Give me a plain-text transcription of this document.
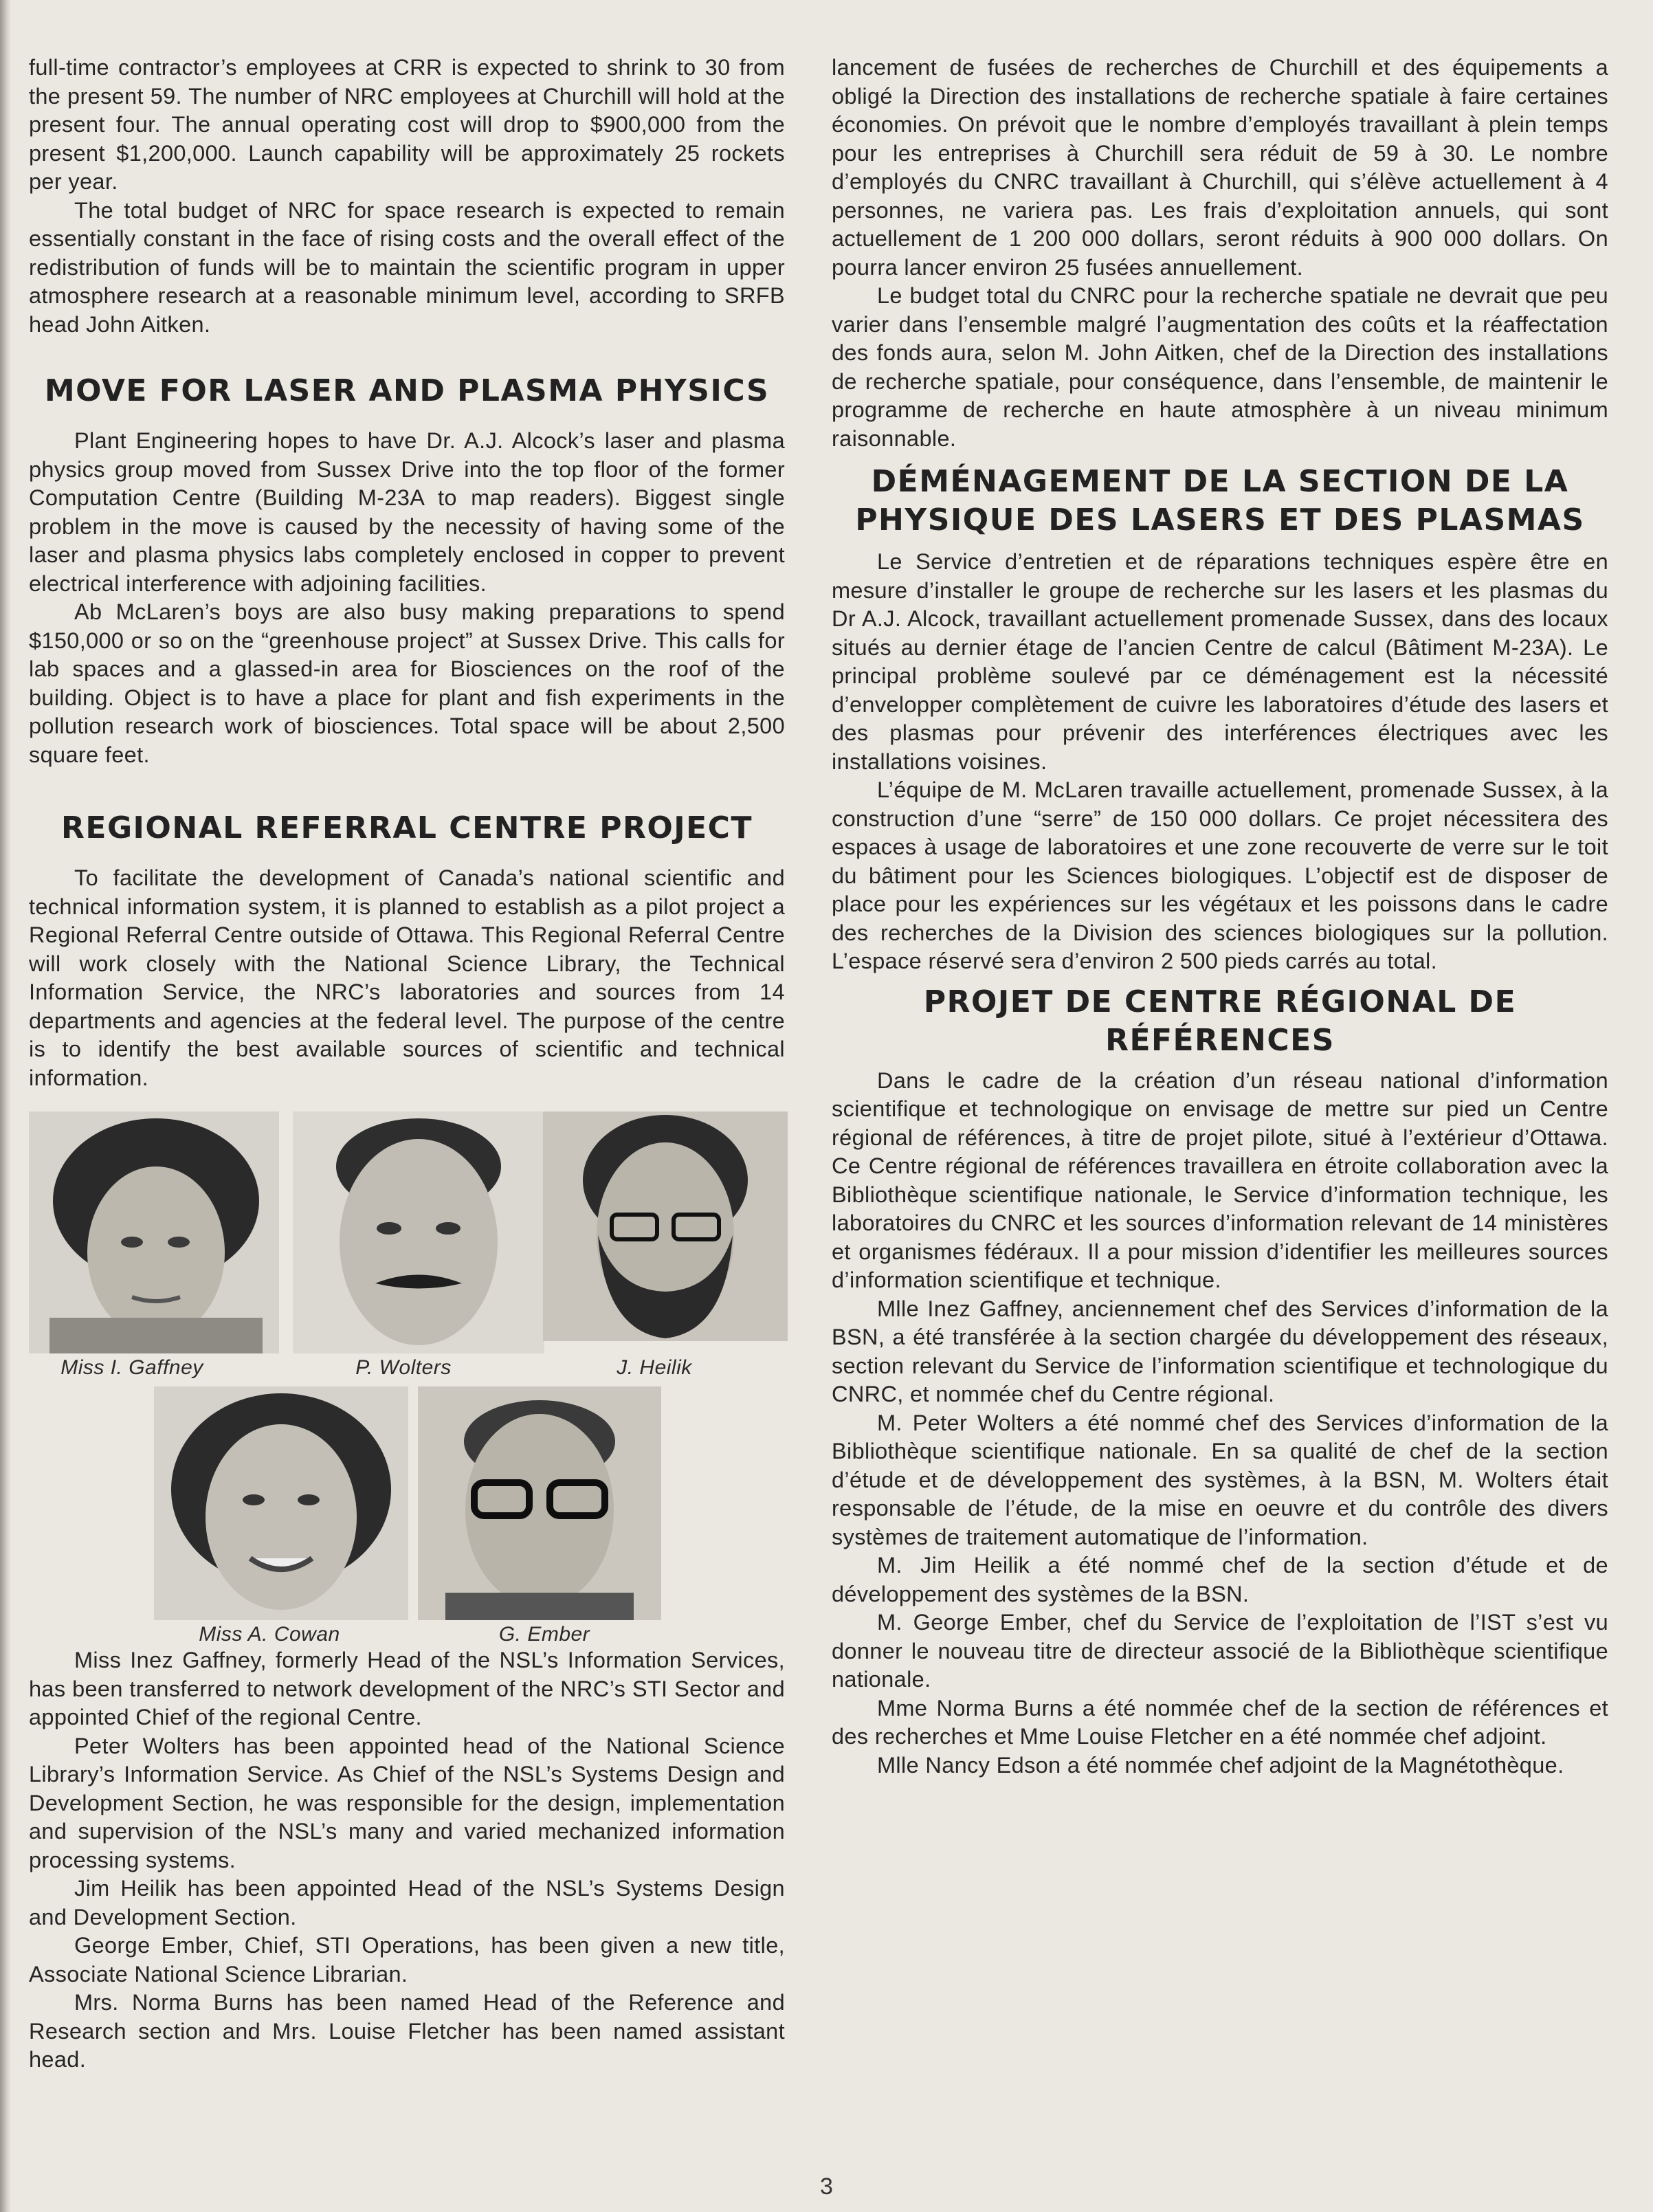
full-time contractor’s employees at CRR is expected to shrink to 30 from the present 59. The number of NRC employees at Churchill will hold at the present four. The annual operating cost will drop to $900,000 from the present $1,200,000. Launch capability will be approximately 25 rockets per year.

The total budget of NRC for space research is expected to remain essentially constant in the face of rising costs and the overall effect of the redistribution of funds will be to maintain the scientific program in upper atmosphere research at a reasonable minimum level, according to SRFB head John Aitken.

MOVE FOR LASER AND PLASMA PHYSICS

Plant Engineering hopes to have Dr. A.J. Alcock’s laser and plasma physics group moved from Sussex Drive into the top floor of the former Computation Centre (Building M-23A to map readers). Biggest single problem in the move is caused by the necessity of having some of the laser and plasma physics labs completely enclosed in copper to prevent electrical interference with adjoining facilities.

Ab McLaren’s boys are also busy making preparations to spend $150,000 or so on the “greenhouse project” at Sussex Drive. This calls for lab spaces and a glassed-in area for Biosciences on the roof of the building. Object is to have a place for plant and fish experiments in the pollution research work of biosciences. Total space will be about 2,500 square feet.

REGIONAL REFERRAL CENTRE PROJECT

To facilitate the development of Canada’s national scientific and technical information system, it is planned to establish as a pilot project a Regional Referral Centre outside of Ottawa. This Regional Referral Centre will work closely with the National Science Library, the Technical Information Service, the NRC’s laboratories and sources from 14 departments and agencies at the federal level. The purpose of the centre is to identify the best available sources of scientific and technical information.

Miss I. Gaffney	P. Wolters	J. Heilik
Miss A. Cowan	G. Ember

Miss Inez Gaffney, formerly Head of the NSL’s Information Services, has been transferred to network development of the NRC’s STI Sector and appointed Chief of the regional Centre.

Peter Wolters has been appointed head of the National Science Library’s Information Service. As Chief of the NSL’s Systems Design and Development Section, he was responsible for the design, implementation and supervision of the NSL’s many and varied mechanized information processing systems.

Jim Heilik has been appointed Head of the NSL’s Systems Design and Development Section.

George Ember, Chief, STI Operations, has been given a new title, Associate National Science Librarian.

Mrs. Norma Burns has been named Head of the Reference and Research section and Mrs. Louise Fletcher has been named assistant head.

lancement de fusées de recherches de Churchill et des équipements a obligé la Direction des installations de recherche spatiale à faire certaines économies. On prévoit que le nombre d’employés travaillant à plein temps pour les entreprises à Churchill sera réduit de 59 à 30. Le nombre d’employés du CNRC travaillant à Churchill, qui s’élève actuellement à 4 personnes, ne variera pas. Les frais d’exploitation annuels, qui sont actuellement de 1 200 000 dollars, seront réduits à 900 000 dollars. On pourra lancer environ 25 fusées annuellement.

Le budget total du CNRC pour la recherche spatiale ne devrait que peu varier dans l’ensemble malgré l’augmentation des coûts et la réaffectation des fonds aura, selon M. John Aitken, chef de la Direction des installations de recherche spatiale, pour conséquence, dans l’ensemble, de maintenir le programme de recherche en haute atmosphère à un niveau minimum raisonnable.

DÉMÉNAGEMENT DE LA SECTION DE LA PHYSIQUE DES LASERS ET DES PLASMAS

Le Service d’entretien et de réparations techniques espère être en mesure d’installer le groupe de recherche sur les lasers et les plasmas du Dr A.J. Alcock, travaillant actuellement promenade Sussex, dans des locaux situés au dernier étage de l’ancien Centre de calcul (Bâtiment M-23A). Le principal problème soulevé par ce déménagement est la nécessité d’envelopper complètement de cuivre les laboratoires d’étude des lasers et des plasmas pour prévenir des interférences électriques avec les installations voisines.

L’équipe de M. McLaren travaille actuellement, promenade Sussex, à la construction d’une “serre” de 150 000 dollars. Ce projet nécessitera des espaces à usage de laboratoires et une zone recouverte de verre sur le toit du bâtiment pour les Sciences biologiques. L’objectif est de disposer de place pour les expériences sur les végétaux et les poissons dans le cadre des recherches de la Division des sciences biologiques sur la pollution. L’espace réservé sera d’environ 2 500 pieds carrés au total.

PROJET DE CENTRE RÉGIONAL DE RÉFÉRENCES

Dans le cadre de la création d’un réseau national d’information scientifique et technologique on envisage de mettre sur pied un Centre régional de références, à titre de projet pilote, situé à l’extérieur d’Ottawa. Ce Centre régional de références travaillera en étroite collaboration avec la Bibliothèque scientifique nationale, le Service d’information technique, les laboratoires du CNRC et les sources d’information relevant de 14 ministères et organismes fédéraux. Il a pour mission d’identifier les meilleures sources d’information scientifique et technique.

Mlle Inez Gaffney, anciennement chef des Services d’information de la BSN, a été transférée à la section chargée du développement des réseaux, section relevant du Service de l’information scientifique et technologique du CNRC, et nommée chef du Centre régional.

M. Peter Wolters a été nommé chef des Services d’information de la Bibliothèque scientifique nationale. En sa qualité de chef de la section d’étude et de développement des systèmes, à la BSN, M. Wolters était responsable de l’étude, de la mise en oeuvre et du contrôle des divers systèmes de traitement automatique de l’information.

M. Jim Heilik a été nommé chef de la section d’étude et de développement des systèmes de la BSN.

M. George Ember, chef du Service de l’exploitation de l’IST s’est vu donner le nouveau titre de directeur associé de la Bibliothèque scientifique nationale.

Mme Norma Burns a été nommée chef de la section de références et des recherches et Mme Louise Fletcher en a été nommée chef adjoint.

Mlle Nancy Edson a été nommée chef adjoint de la Magnétothèque.

3
